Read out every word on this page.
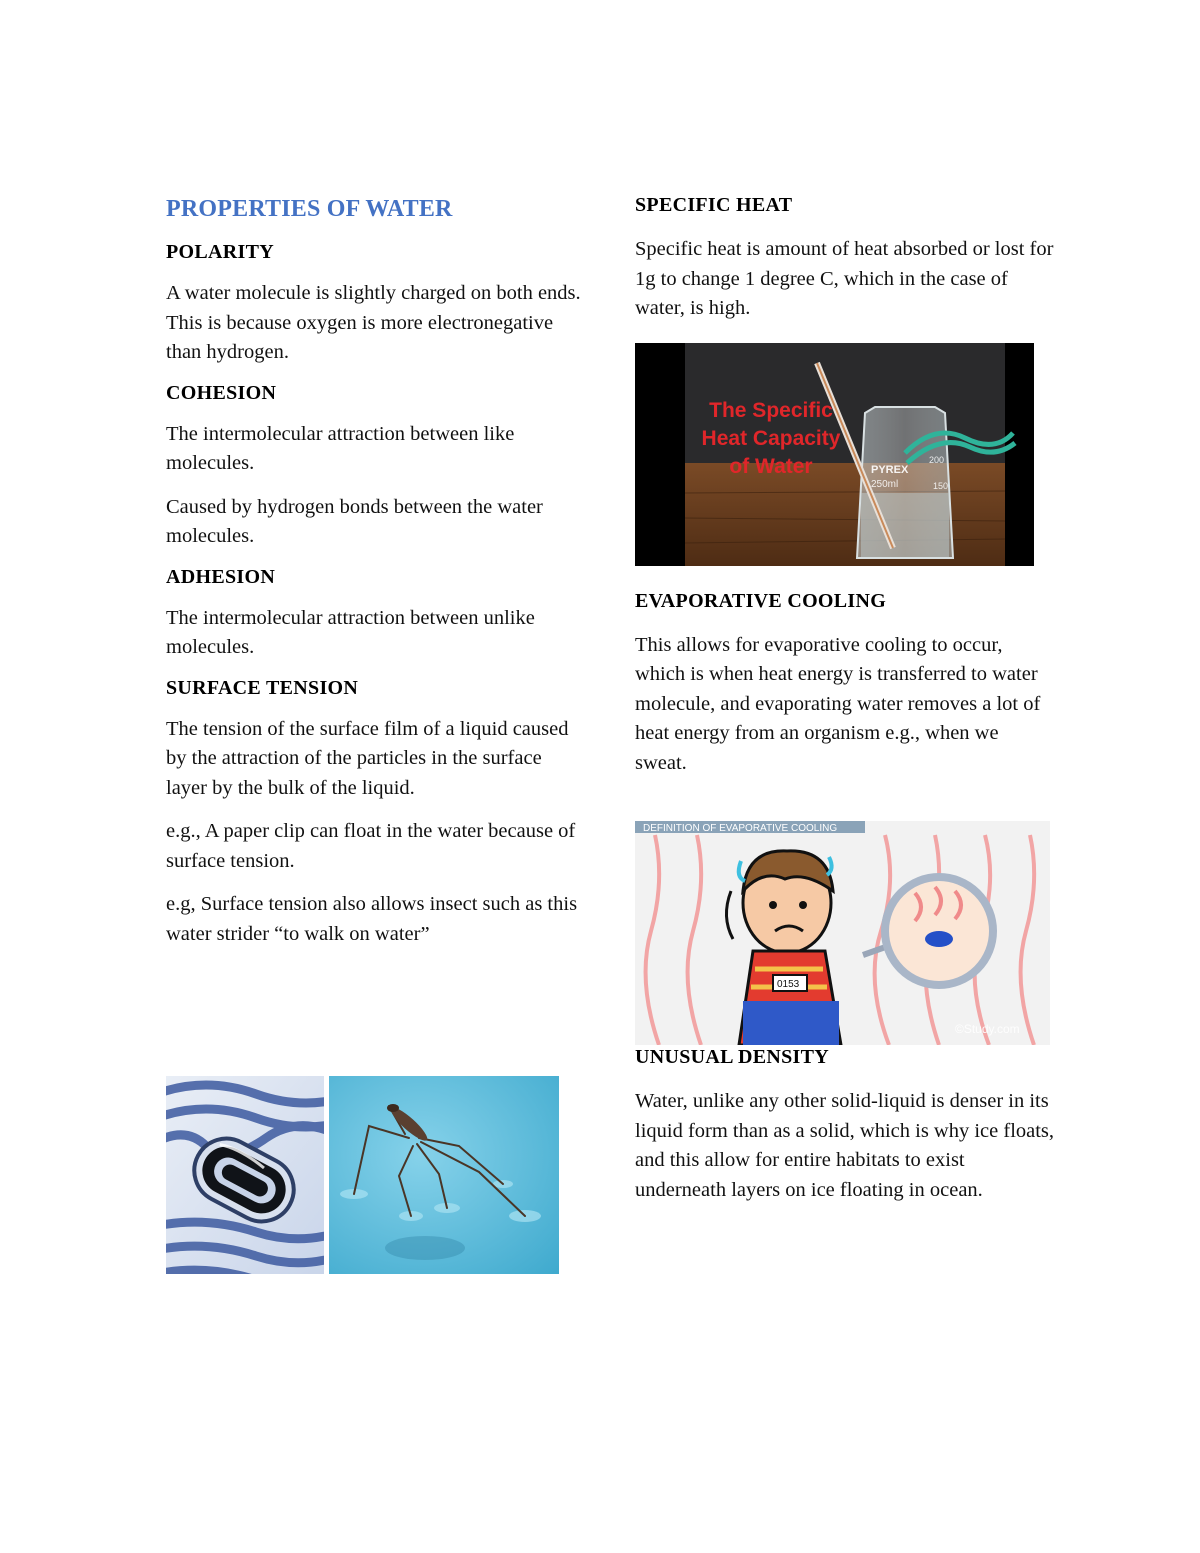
PROPERTIES OF WATER
POLARITY

A water molecule is slightly charged on both ends. This is because oxygen is more electronegative than hydrogen.

COHESION

The intermolecular attraction between like molecules.

Caused by hydrogen bonds between the water molecules.

ADHESION

The intermolecular attraction between unlike molecules.

SURFACE TENSION

The tension of the surface film of a liquid caused by the attraction of the particles in the surface layer by the bulk of the liquid.

e.g., A paper clip can float in the water because of surface tension.

e.g, Surface tension also allows insect such as this water strider “to walk on water”

SPECIFIC HEAT

Specific heat is amount of heat absorbed or lost for 1g to change 1 degree C, which in the case of water, is high.

EVAPORATIVE COOLING

This allows for evaporative cooling to occur, which is when heat energy is transferred to water molecule, and evaporating water removes a lot of heat energy from an organism e.g., when we sweat.

UNUSUAL DENSITY

Water, unlike any other solid-liquid is denser in its liquid form than as a solid, which is why ice floats, and this allow for entire habitats to exist underneath layers on ice floating in ocean.

PYREX
250ml
200
150
The Specific
Heat Capacity
of Water
DEFINITION OF EVAPORATIVE COOLING
0153
©Study.com
